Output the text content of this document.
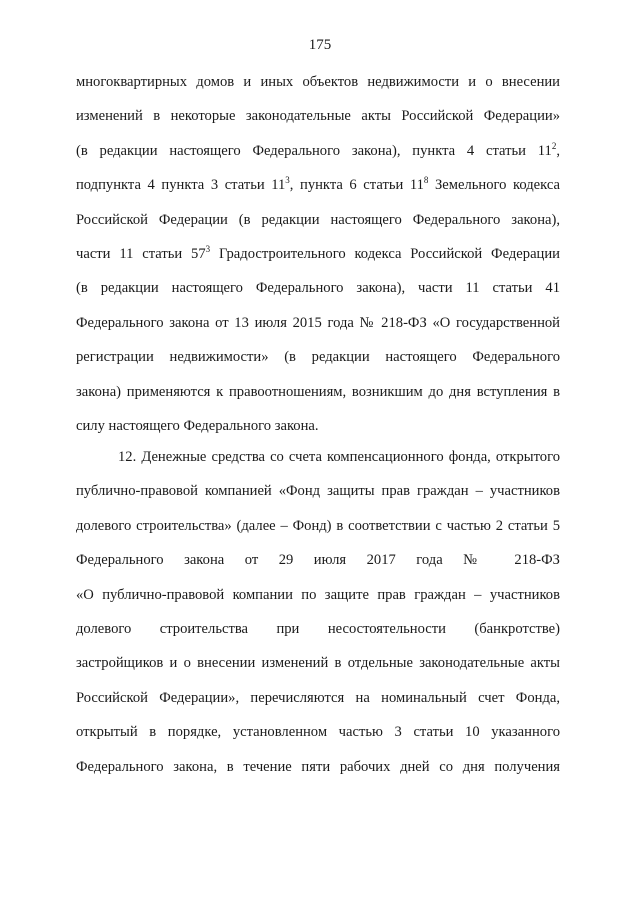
175
многоквартирных домов и иных объектов недвижимости и о внесении
изменений в некоторые законодательные акты Российской Федерации»
(в редакции настоящего Федерального закона), пункта 4 статьи $11^2$,
подпункта 4 пункта 3 статьи $11^3$, пункта 6 статьи $11^8$ Земельного кодекса
Российской Федерации (в редакции настоящего Федерального закона),
части 11 статьи $57^3$ Градостроительного кодекса Российской Федерации
(в редакции настоящего Федерального закона), части 11 статьи 41
Федерального закона от 13 июля 2015 года № 218-ФЗ «О государственной
регистрации недвижимости» (в редакции настоящего Федерального
закона) применяются к правоотношениям, возникшим до дня вступления в
силу настоящего Федерального закона.
12. Денежные средства со счета компенсационного фонда, открытого
публично-правовой компанией «Фонд защиты прав граждан – участников
долевого строительства» (далее – Фонд) в соответствии с частью 2 статьи 5
Федерального закона от 29 июля 2017 года № 218-ФЗ
«О публично-правовой компании по защите прав граждан – участников
долевого строительства при несостоятельности (банкротстве)
застройщиков и о внесении изменений в отдельные законодательные акты
Российской Федерации», перечисляются на номинальный счет Фонда,
открытый в порядке, установленном частью 3 статьи 10 указанного
Федерального закона, в течение пяти рабочих дней со дня получения
